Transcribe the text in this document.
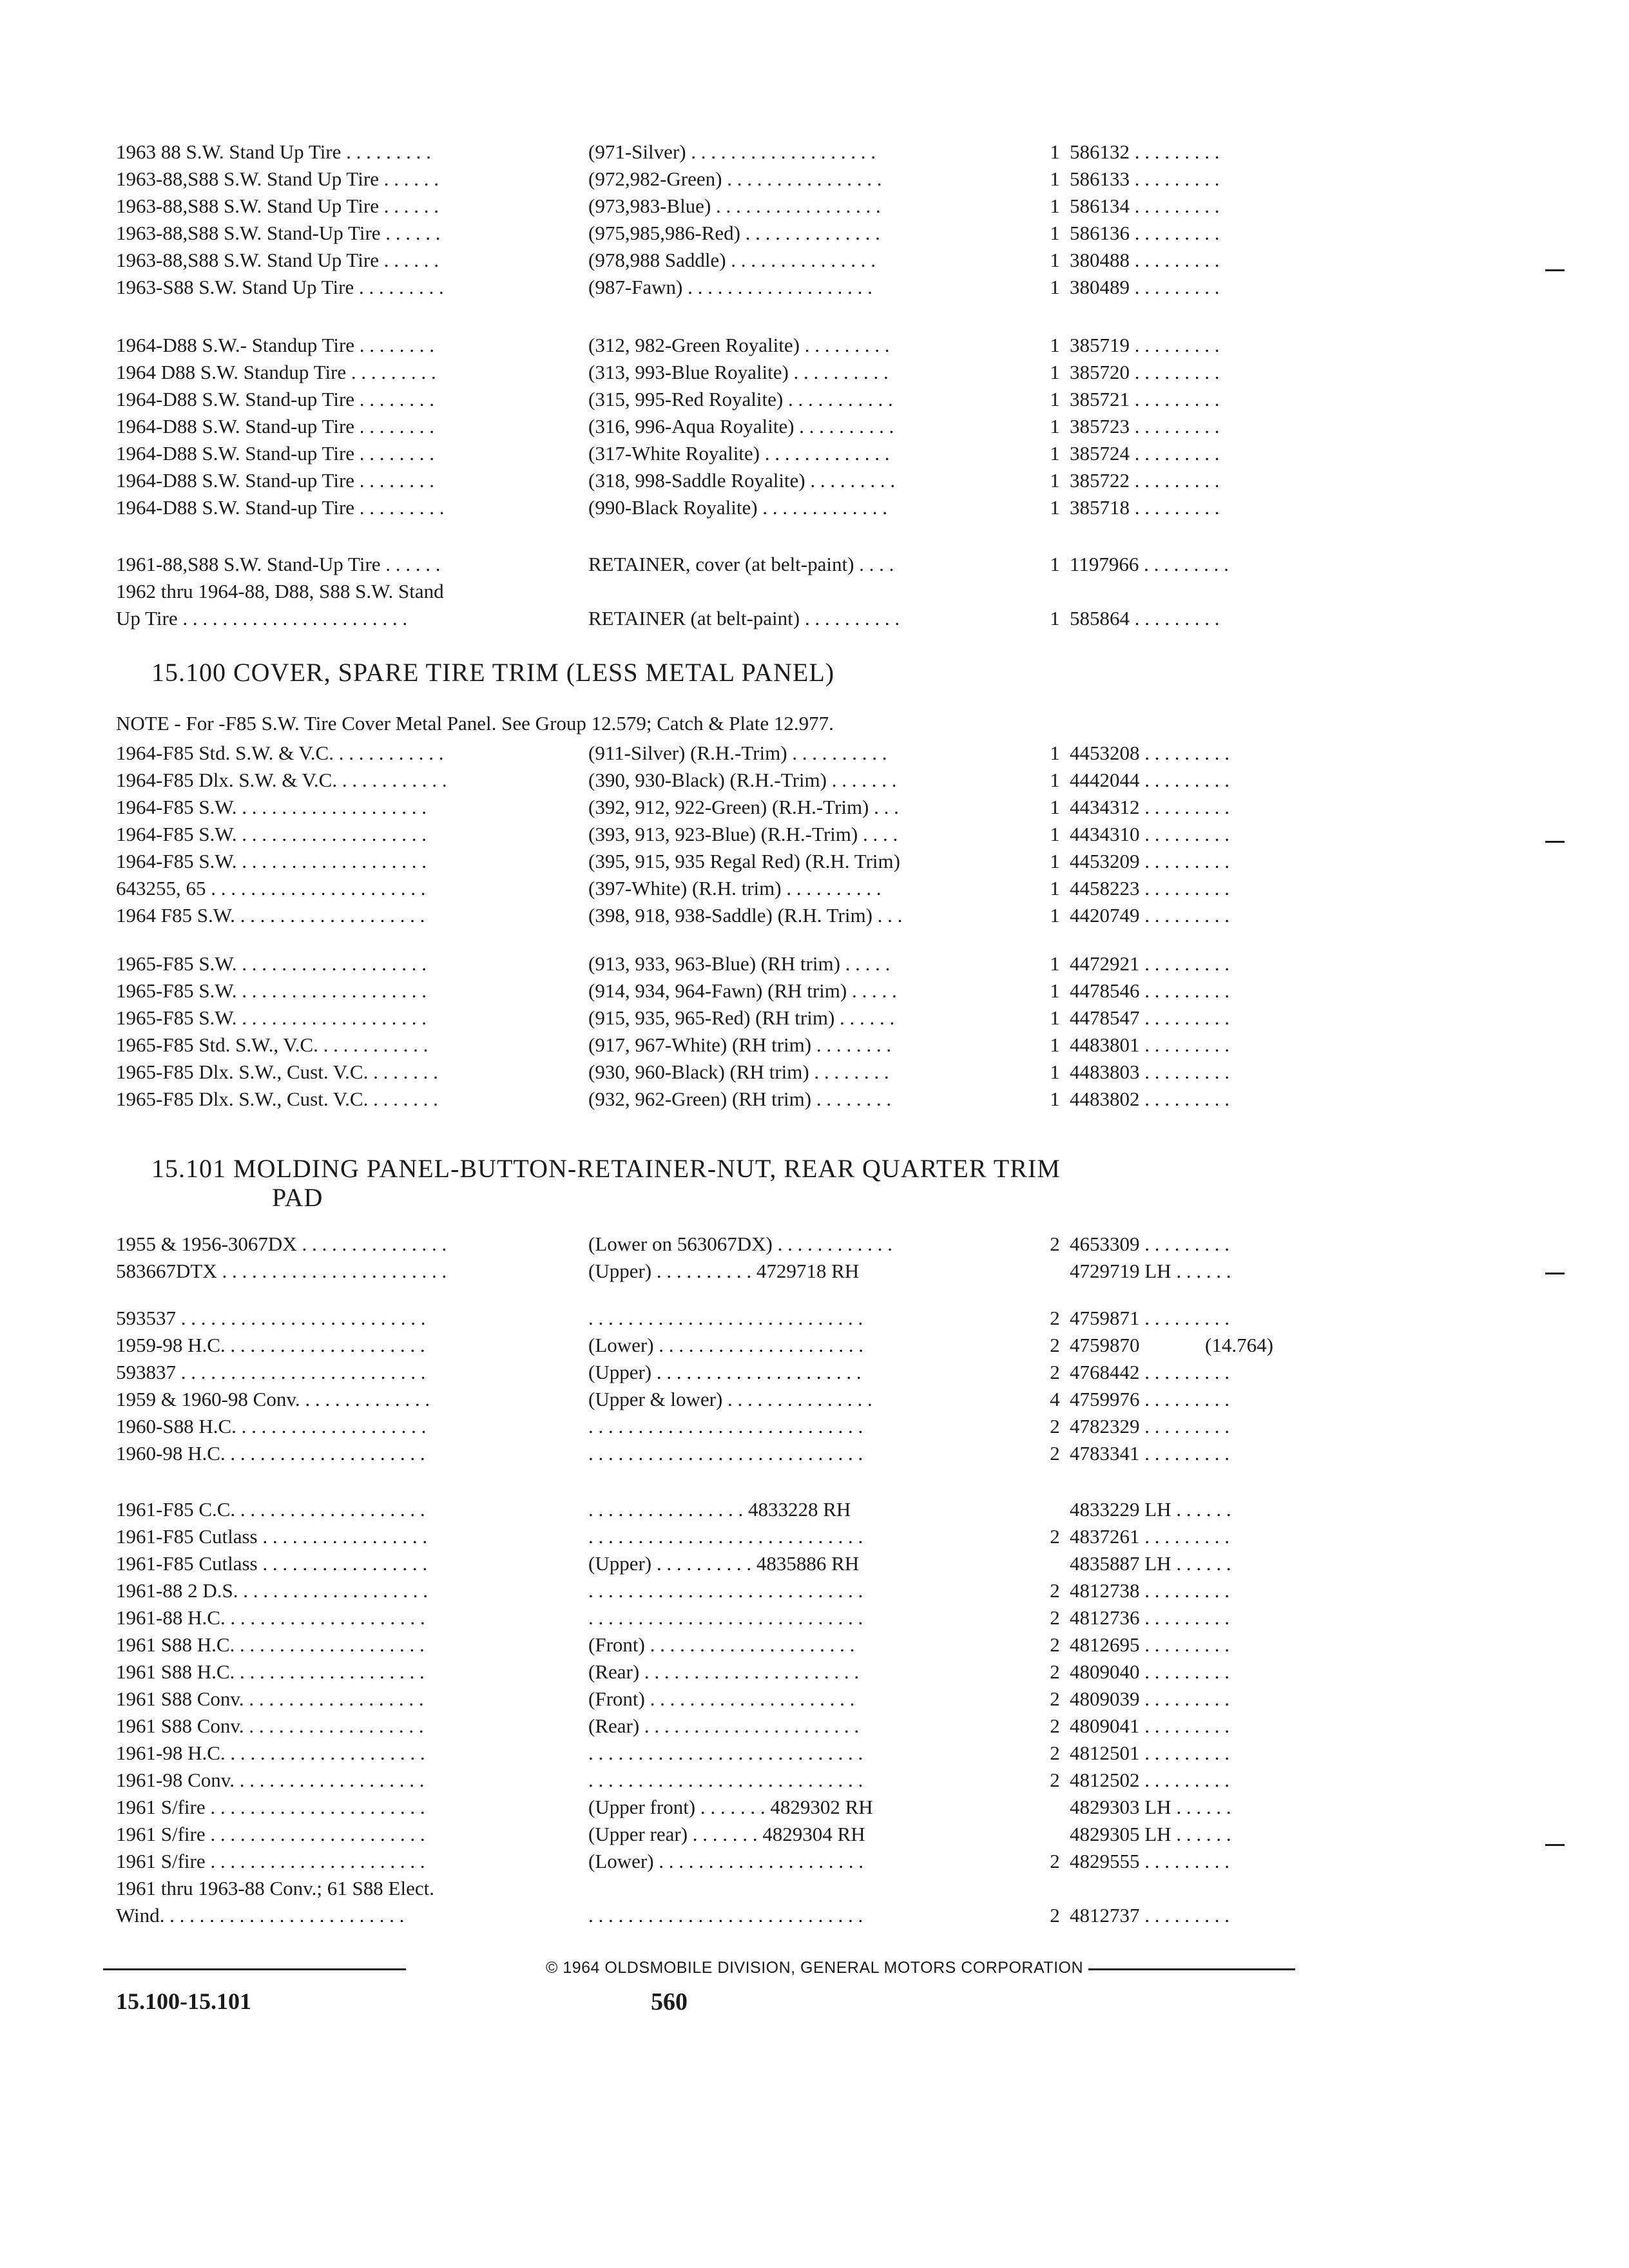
1963 88 S.W. Stand Up Tire . . . . . . . . .	(971-Silver) . . . . . . . . . . . . . . . . . . .	1 586132 . . . . . . . . .
1963-88,S88 S.W. Stand Up Tire . . . . . .	(972,982-Green) . . . . . . . . . . . . . . . .	1 586133 . . . . . . . . .
1963-88,S88 S.W. Stand Up Tire . . . . . .	(973,983-Blue) . . . . . . . . . . . . . . . . .	1 586134 . . . . . . . . .
1963-88,S88 S.W. Stand-Up Tire . . . . . .	(975,985,986-Red) . . . . . . . . . . . . . .	1 586136 . . . . . . . . .
1963-88,S88 S.W. Stand Up Tire . . . . . .	(978,988 Saddle) . . . . . . . . . . . . . . .	1 380488 . . . . . . . . .
1963-S88 S.W. Stand Up Tire . . . . . . . . .	(987-Fawn) . . . . . . . . . . . . . . . . . . .	1 380489 . . . . . . . . .
1964-D88 S.W.- Standup Tire . . . . . . . .	(312, 982-Green Royalite) . . . . . . . . .	1 385719 . . . . . . . . .
1964 D88 S.W. Standup Tire . . . . . . . . .	(313, 993-Blue Royalite) . . . . . . . . . .	1 385720 . . . . . . . . .
1964-D88 S.W. Stand-up Tire . . . . . . . .	(315, 995-Red Royalite) . . . . . . . . . . .	1 385721 . . . . . . . . .
1964-D88 S.W. Stand-up Tire . . . . . . . .	(316, 996-Aqua Royalite) . . . . . . . . . .	1 385723 . . . . . . . . .
1964-D88 S.W. Stand-up Tire . . . . . . . .	(317-White Royalite) . . . . . . . . . . . . .	1 385724 . . . . . . . . .
1964-D88 S.W. Stand-up Tire . . . . . . . .	(318, 998-Saddle Royalite) . . . . . . . . .	1 385722 . . . . . . . . .
1964-D88 S.W. Stand-up Tire . . . . . . . . .	(990-Black Royalite) . . . . . . . . . . . . .	1 385718 . . . . . . . . .
1961-88,S88 S.W. Stand-Up Tire . . . . . .	RETAINER, cover (at belt-paint) . . . .	1 1197966 . . . . . . . . .
1962 thru 1964-88, D88, S88 S.W. Stand
Up Tire . . . . . . . . . . . . . . . . . . . . . . .	RETAINER (at belt-paint) . . . . . . . . . .	1 585864 . . . . . . . . .
15.100 COVER, SPARE TIRE TRIM (LESS METAL PANEL)
NOTE - For -F85 S.W. Tire Cover Metal Panel. See Group 12.579; Catch & Plate 12.977.
1964-F85 Std. S.W. & V.C. . . . . . . . . . . .	(911-Silver) (R.H.-Trim) . . . . . . . . . .	1 4453208 . . . . . . . . .
1964-F85 Dlx. S.W. & V.C. . . . . . . . . . . .	(390, 930-Black) (R.H.-Trim) . . . . . . .	1 4442044 . . . . . . . . .
1964-F85 S.W. . . . . . . . . . . . . . . . . . . .	(392, 912, 922-Green) (R.H.-Trim) . . .	1 4434312 . . . . . . . . .
1964-F85 S.W. . . . . . . . . . . . . . . . . . . .	(393, 913, 923-Blue) (R.H.-Trim) . . . .	1 4434310 . . . . . . . . .
1964-F85 S.W. . . . . . . . . . . . . . . . . . . .	(395, 915, 935 Regal Red) (R.H. Trim)	1 4453209 . . . . . . . . .
643255, 65 . . . . . . . . . . . . . . . . . . . . . .	(397-White) (R.H. trim) . . . . . . . . . .	1 4458223 . . . . . . . . .
1964 F85 S.W. . . . . . . . . . . . . . . . . . . .	(398, 918, 938-Saddle) (R.H. Trim) . . .	1 4420749 . . . . . . . . .
1965-F85 S.W. . . . . . . . . . . . . . . . . . . .	(913, 933, 963-Blue) (RH trim) . . . . .	1 4472921 . . . . . . . . .
1965-F85 S.W. . . . . . . . . . . . . . . . . . . .	(914, 934, 964-Fawn) (RH trim) . . . . .	1 4478546 . . . . . . . . .
1965-F85 S.W. . . . . . . . . . . . . . . . . . . .	(915, 935, 965-Red) (RH trim) . . . . . .	1 4478547 . . . . . . . . .
1965-F85 Std. S.W., V.C. . . . . . . . . . . .	(917, 967-White) (RH trim) . . . . . . . .	1 4483801 . . . . . . . . .
1965-F85 Dlx. S.W., Cust. V.C. . . . . . . .	(930, 960-Black) (RH trim) . . . . . . . .	1 4483803 . . . . . . . . .
1965-F85 Dlx. S.W., Cust. V.C. . . . . . . .	(932, 962-Green) (RH trim) . . . . . . . .	1 4483802 . . . . . . . . .
15.101 MOLDING PANEL-BUTTON-RETAINER-NUT, REAR QUARTER TRIM
PAD
1955 & 1956-3067DX . . . . . . . . . . . . . . .	(Lower on 563067DX) . . . . . . . . . . . .	2 4653309 . . . . . . . . .
583667DTX . . . . . . . . . . . . . . . . . . . . . . .	(Upper) . . . . . . . . . . 4729718 RH	4729719 LH . . . . . .
593537 . . . . . . . . . . . . . . . . . . . . . . . . .	. . . . . . . . . . . . . . . . . . . . . . . . . . . .	2 4759871 . . . . . . . . .
1959-98 H.C. . . . . . . . . . . . . . . . . . . . .	(Lower) . . . . . . . . . . . . . . . . . . . . .	2 4759870	(14.764)
593837 . . . . . . . . . . . . . . . . . . . . . . . . .	(Upper) . . . . . . . . . . . . . . . . . . . . .	2 4768442 . . . . . . . . .
1959 & 1960-98 Conv. . . . . . . . . . . . . .	(Upper & lower) . . . . . . . . . . . . . . .	4 4759976 . . . . . . . . .
1960-S88 H.C. . . . . . . . . . . . . . . . . . . .	. . . . . . . . . . . . . . . . . . . . . . . . . . . .	2 4782329 . . . . . . . . .
1960-98 H.C. . . . . . . . . . . . . . . . . . . . .	. . . . . . . . . . . . . . . . . . . . . . . . . . . .	2 4783341 . . . . . . . . .
1961-F85 C.C. . . . . . . . . . . . . . . . . . . .	. . . . . . . . . . . . . . . . 4833228 RH	4833229 LH . . . . . .
1961-F85 Cutlass . . . . . . . . . . . . . . . . .	. . . . . . . . . . . . . . . . . . . . . . . . . . . .	2 4837261 . . . . . . . . .
1961-F85 Cutlass . . . . . . . . . . . . . . . . .	(Upper) . . . . . . . . . . 4835886 RH	4835887 LH . . . . . .
1961-88 2 D.S. . . . . . . . . . . . . . . . . . . .	. . . . . . . . . . . . . . . . . . . . . . . . . . . .	2 4812738 . . . . . . . . .
1961-88 H.C. . . . . . . . . . . . . . . . . . . . .	. . . . . . . . . . . . . . . . . . . . . . . . . . . .	2 4812736 . . . . . . . . .
1961 S88 H.C. . . . . . . . . . . . . . . . . . . .	(Front) . . . . . . . . . . . . . . . . . . . . .	2 4812695 . . . . . . . . .
1961 S88 H.C. . . . . . . . . . . . . . . . . . . .	(Rear) . . . . . . . . . . . . . . . . . . . . . .	2 4809040 . . . . . . . . .
1961 S88 Conv. . . . . . . . . . . . . . . . . . .	(Front) . . . . . . . . . . . . . . . . . . . . .	2 4809039 . . . . . . . . .
1961 S88 Conv. . . . . . . . . . . . . . . . . . .	(Rear) . . . . . . . . . . . . . . . . . . . . . .	2 4809041 . . . . . . . . .
1961-98 H.C. . . . . . . . . . . . . . . . . . . . .	. . . . . . . . . . . . . . . . . . . . . . . . . . . .	2 4812501 . . . . . . . . .
1961-98 Conv. . . . . . . . . . . . . . . . . . . .	. . . . . . . . . . . . . . . . . . . . . . . . . . . .	2 4812502 . . . . . . . . .
1961 S/fire . . . . . . . . . . . . . . . . . . . . . .	(Upper front) . . . . . . . 4829302 RH	4829303 LH . . . . . .
1961 S/fire . . . . . . . . . . . . . . . . . . . . . .	(Upper rear) . . . . . . . 4829304 RH	4829305 LH . . . . . .
1961 S/fire . . . . . . . . . . . . . . . . . . . . . .	(Lower) . . . . . . . . . . . . . . . . . . . . .	2 4829555 . . . . . . . . .
1961 thru 1963-88 Conv.; 61 S88 Elect.
Wind. . . . . . . . . . . . . . . . . . . . . . . . .	. . . . . . . . . . . . . . . . . . . . . . . . . . . .	2 4812737 . . . . . . . . .
© 1964 OLDSMOBILE DIVISION, GENERAL MOTORS CORPORATION
15.100-15.101	560
